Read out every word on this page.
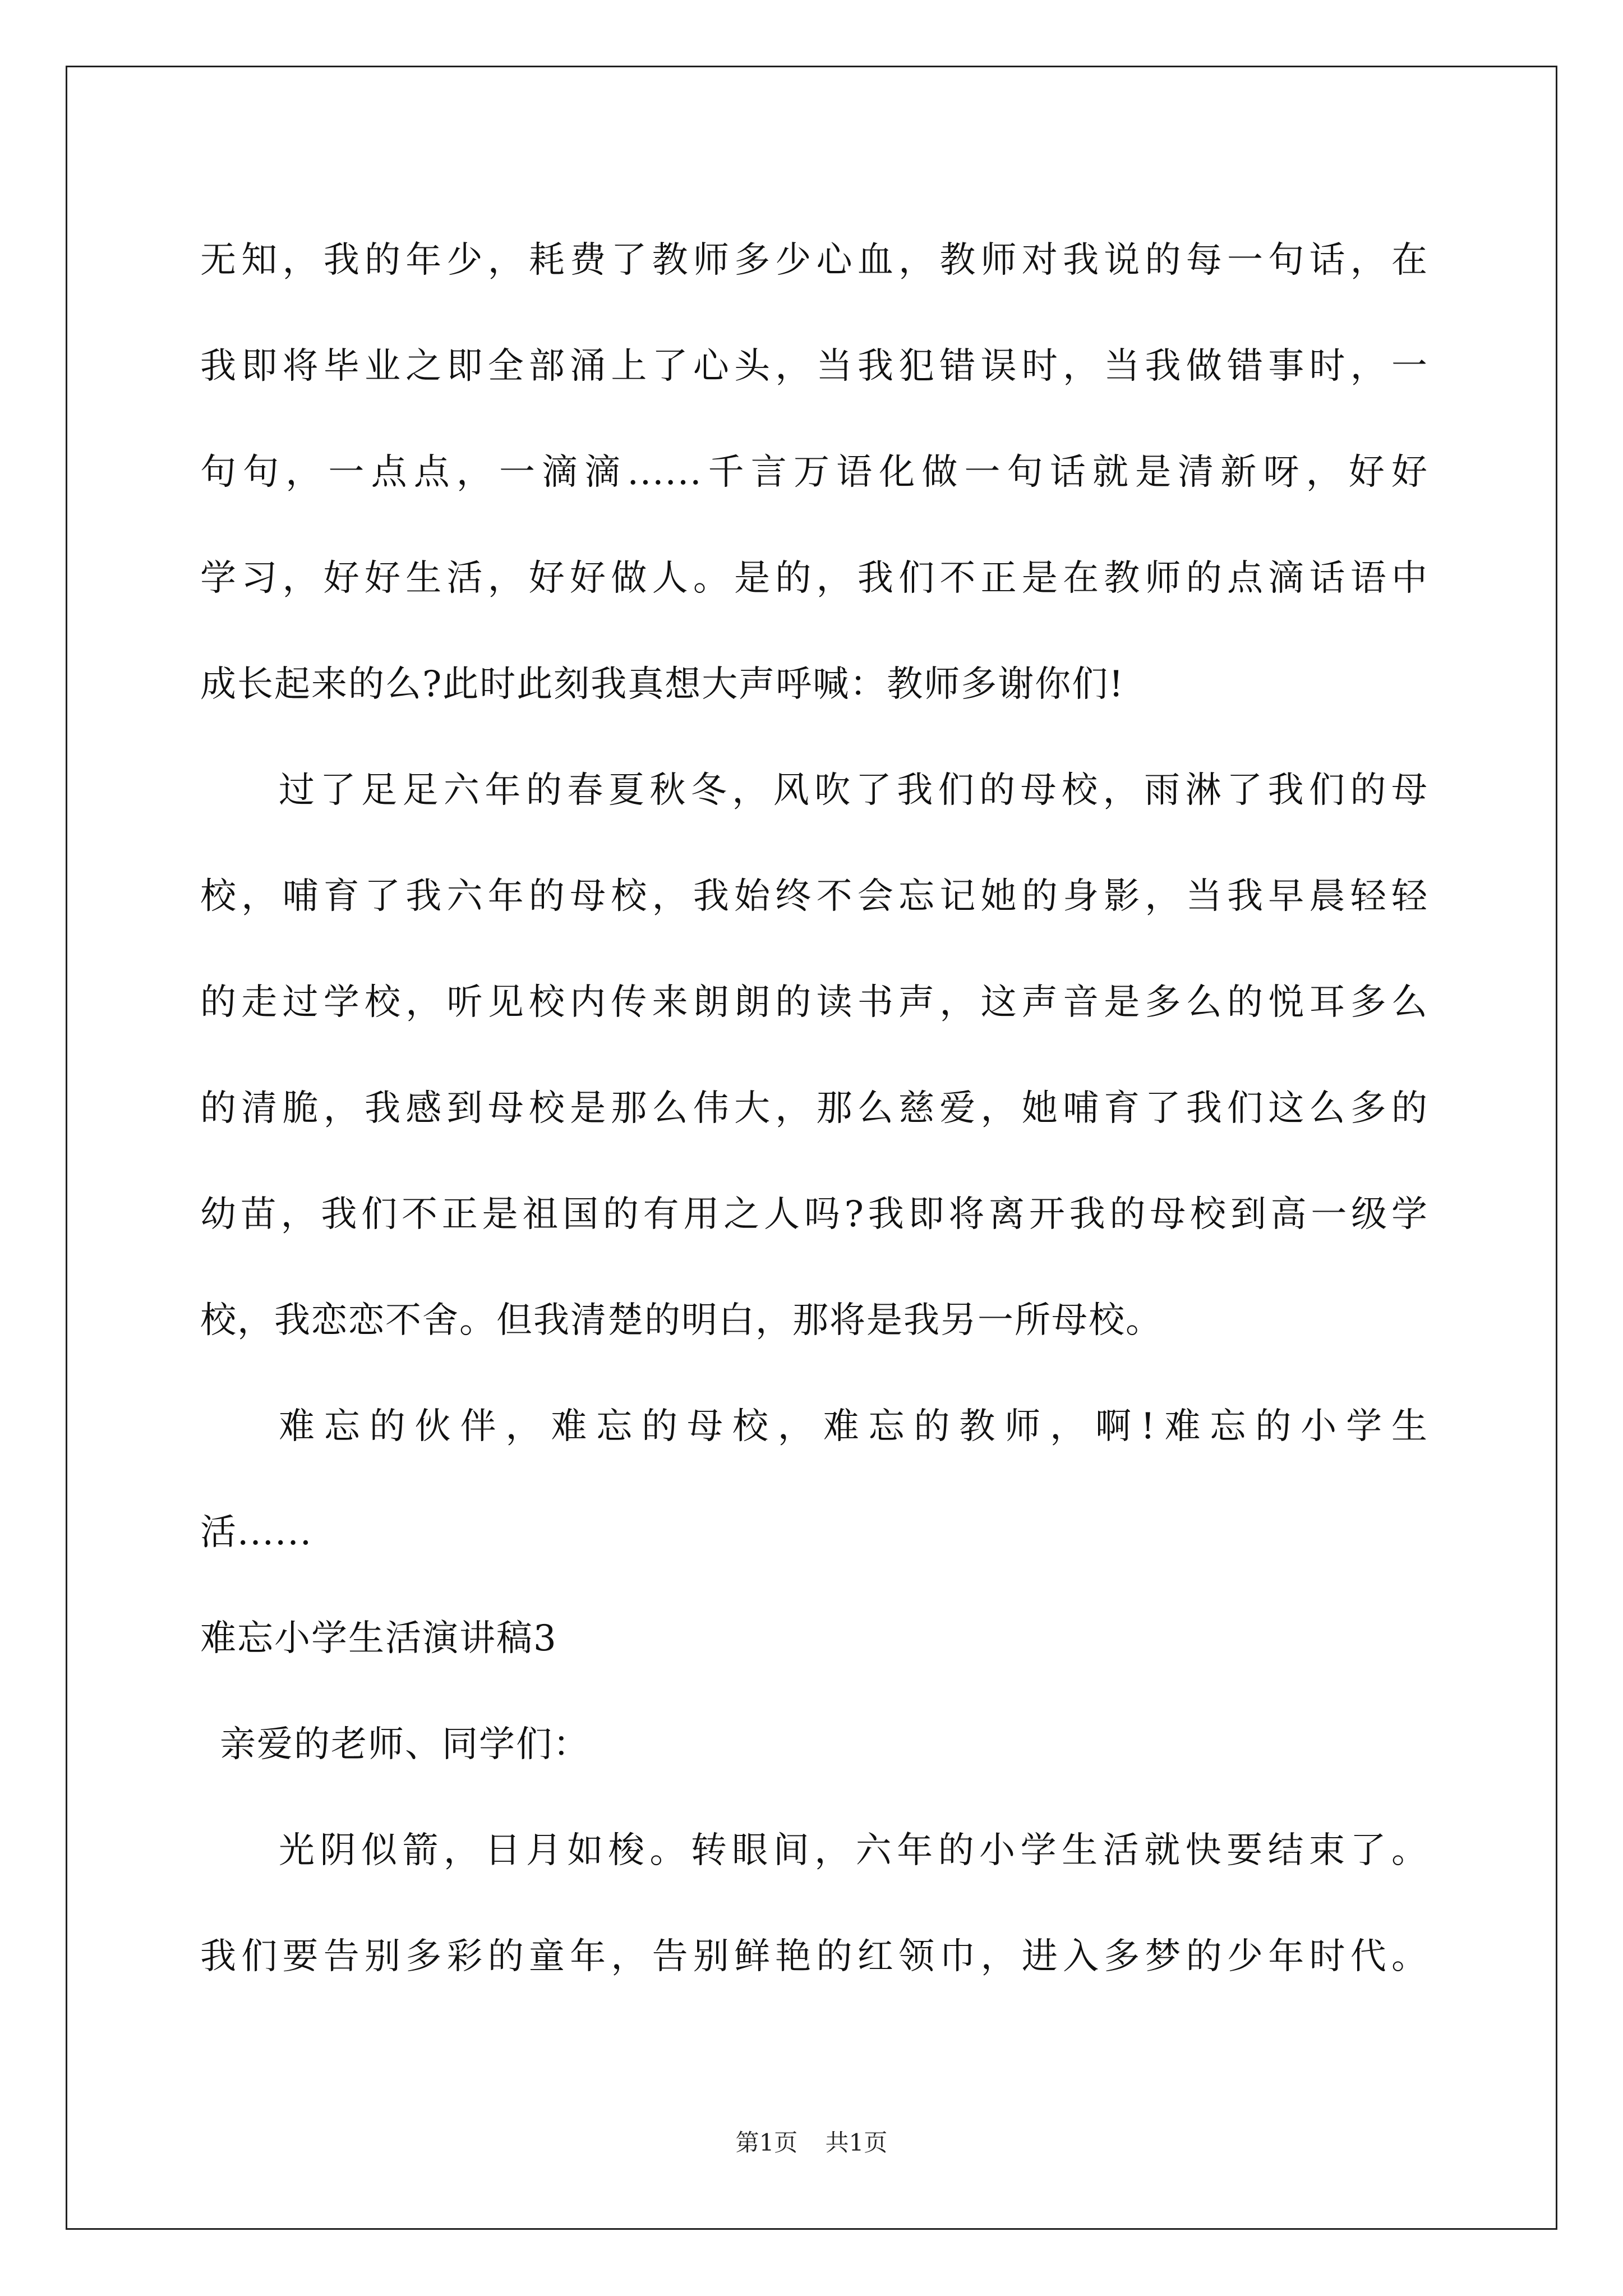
无知，我的年少，耗费了教师多少心血，教师对我说的每一句话，在
我即将毕业之即全部涌上了心头，当我犯错误时，当我做错事时，一
句句，一点点，一滴滴......千言万语化做一句话就是清新呀，好好
学习，好好生活，好好做人。是的，我们不正是在教师的点滴话语中
成长起来的么?此时此刻我真想大声呼喊：教师多谢你们!
过了足足六年的春夏秋冬，风吹了我们的母校，雨淋了我们的母
校，哺育了我六年的母校，我始终不会忘记她的身影，当我早晨轻轻
的走过学校，听见校内传来朗朗的读书声，这声音是多么的悦耳多么
的清脆，我感到母校是那么伟大，那么慈爱，她哺育了我们这么多的
幼苗，我们不正是祖国的有用之人吗?我即将离开我的母校到高一级学
校，我恋恋不舍。但我清楚的明白，那将是我另一所母校。
难忘的伙伴，难忘的母校，难忘的教师，啊!难忘的小学生
活......
难忘小学生活演讲稿3
亲爱的老师、同学们：
光阴似箭，日月如梭。转眼间，六年的小学生活就快要结束了。
我们要告别多彩的童年，告别鲜艳的红领巾，进入多梦的少年时代。
第1页 共1页
